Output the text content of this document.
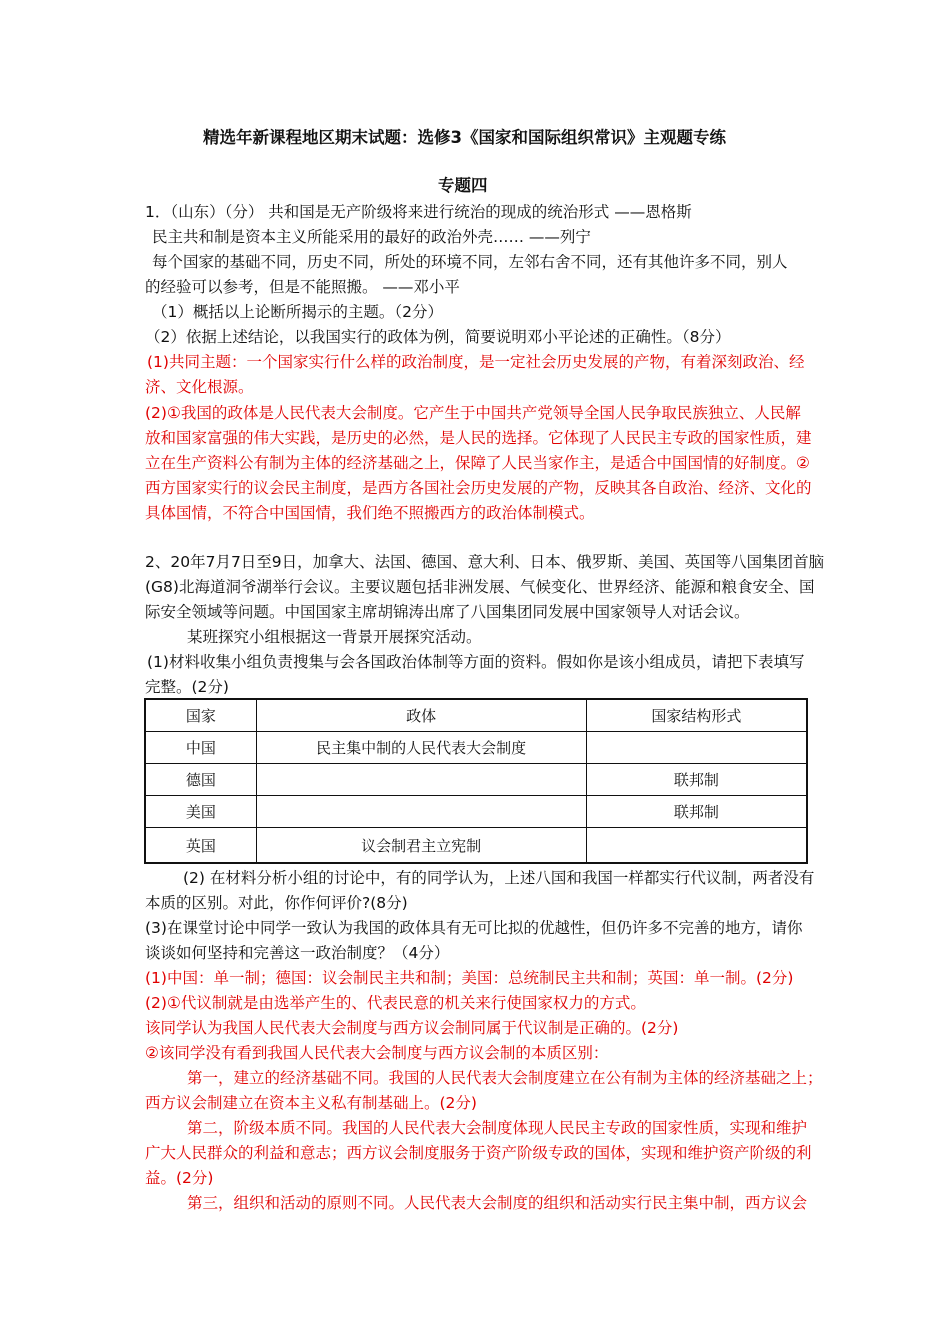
精选年新课程地区期末试题：选修3《国家和国际组织常识》主观题专练
专题四
1．（山东）（分） 共和国是无产阶级将来进行统治的现成的统治形式 ——恩格斯
民主共和制是资本主义所能采用的最好的政治外壳…… ——列宁
每个国家的基础不同，历史不同，所处的环境不同，左邻右舍不同，还有其他许多不同，别人
的经验可以参考，但是不能照搬。 ——邓小平
（1）概括以上论断所揭示的主题。（2分）
（2）依据上述结论，以我国实行的政体为例，简要说明邓小平论述的正确性。（8分）
(1)共同主题：一个国家实行什么样的政治制度，是一定社会历史发展的产物，有着深刻政治、经
济、文化根源。
(2)①我国的政体是人民代表大会制度。它产生于中国共产党领导全国人民争取民族独立、人民解
放和国家富强的伟大实践，是历史的必然，是人民的选择。它体现了人民民主专政的国家性质，建
立在生产资料公有制为主体的经济基础之上，保障了人民当家作主，是适合中国国情的好制度。②
西方国家实行的议会民主制度，是西方各国社会历史发展的产物，反映其各自政治、经济、文化的
具体国情，不符合中国国情，我们绝不照搬西方的政治体制模式。
2、20年7月7日至9日，加拿大、法国、德国、意大利、日本、俄罗斯、美国、英国等八国集团首脑
(G8)北海道洞爷湖举行会议。主要议题包括非洲发展、气候变化、世界经济、能源和粮食安全、国
际安全领域等问题。中国国家主席胡锦涛出席了八国集团同发展中国家领导人对话会议。
某班探究小组根据这一背景开展探究活动。
(1)材料收集小组负责搜集与会各国政治体制等方面的资料。假如你是该小组成员，请把下表填写
完整。(2分)
国家	政体	国家结构形式
中国	民主集中制的人民代表大会制度	
德国		联邦制
美国		联邦制
英国	议会制君主立宪制	
(2) 在材料分析小组的讨论中，有的同学认为，上述八国和我国一样都实行代议制，两者没有
本质的区别。对此，你作何评价?(8分)
(3)在课堂讨论中同学一致认为我国的政体具有无可比拟的优越性，但仍许多不完善的地方，请你
谈谈如何坚持和完善这一政治制度？（4分）
(1)中国：单一制；德国：议会制民主共和制；美国：总统制民主共和制；英国：单一制。(2分)
(2)①代议制就是由选举产生的、代表民意的机关来行使国家权力的方式。
该同学认为我国人民代表大会制度与西方议会制同属于代议制是正确的。(2分)
②该同学没有看到我国人民代表大会制度与西方议会制的本质区别：
第一，建立的经济基础不同。我国的人民代表大会制度建立在公有制为主体的经济基础之上；
西方议会制建立在资本主义私有制基础上。(2分)
第二，阶级本质不同。我国的人民代表大会制度体现人民民主专政的国家性质，实现和维护
广大人民群众的利益和意志；西方议会制度服务于资产阶级专政的国体，实现和维护资产阶级的利
益。(2分)
第三，组织和活动的原则不同。人民代表大会制度的组织和活动实行民主集中制，西方议会
